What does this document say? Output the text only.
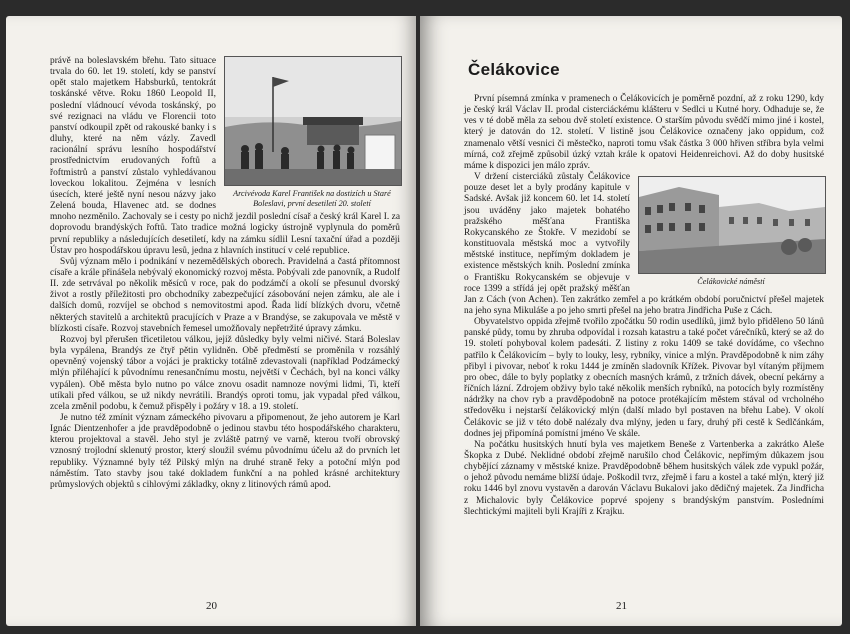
Arcivévoda Karel František na dostizích u Staré Boleslavi, první desetiletí 20. století

právě na boleslavském břehu. Tato situace trvala do 60. let 19. století, kdy se panství opět stalo majetkem Habsburků, tentokrát toskánské větve. Roku 1860 Leopold II, poslední vládnoucí vévoda toskánský, po své rezignaci na vládu ve Florencii toto panství odkoupil zpět od rakouské banky i s dluhy, které na něm vázly. Zavedl racionální správu lesního hospodářství prostřednictvím erudovaných řoftů a řoftmistrů a panství zůstalo vyhledávanou loveckou lokalitou. Zejména v lesních úsecích, které ještě nyní nesou názvy jako Zelená bouda, Hlavenec atd. se dodnes mnoho nezměnilo. Zachovaly se i cesty po nichž jezdil poslední císař a český král Karel I. za doprovodu brandýských řoftů. Tato tradice možná logicky ústrojně vyplynula do poměrů první republiky a následujících desetiletí, kdy na zámku sídlil Lesní taxační úřad a později Ústav pro hospodářskou úpravu lesů, jedna z hlavních institucí v celé republice.

Svůj význam mělo i podnikání v nezemědělských oborech. Pravidelná a častá přítomnost císaře a krále přinášela nebývalý ekonomický rozvoj města. Pobývali zde panovník, a Rudolf II. zde setrvával po několik měsíců v roce, pak do podzámčí a okolí se přesunul dvorský život a rostly příležitosti pro obchodníky zabezpečující zásobování nejen zámku, ale ale i dalších domů, rozvíjel se obchod s nemovitostmi apod. Řada lidí blízkých dvoru, včetně některých stavitelů a architektů pracujících v Praze a v Brandýse, se zakupovala ve městě v blízkosti císaře. Rozvoj stavebních řemesel umožňovaly nepřetržité úpravy zámku.

Rozvoj byl přerušen třicetiletou válkou, jejíž důsledky byly velmi ničivé. Stará Boleslav byla vypálena, Brandýs ze čtyř pětin vylidněn. Obě předměstí se proměnila v rozsáhlý opevněný vojenský tábor a vojáci je prakticky totálně zdevastovali (například Podzámecký mlýn přiléhající k původnímu renesančnímu mostu, největší v Čechách, byl na konci války vypálen). Obě města bylo nutno po válce znovu osadit namnoze novými lidmi, Ti, kteří utíkali před válkou, se už nikdy nevrátili. Brandýs oproti tomu, jak vypadal před válkou, zcela změnil podobu, k čemuž přispěly i požáry v 18. a 19. století.

Je nutno též zmínit význam zámeckého pivovaru a připomenout, že jeho autorem je Karl Ignác Dientzenhofer a jde pravděpodobně o jedinou stavbu této hospodářského charakteru, kterou projektoval a stavěl. Jeho styl je zvláště patrný ve varně, kterou tvoří obrovský vznosný trojlodní sklenutý prostor, který sloužil svému původnímu účelu až do prvních let republiky. Významné byly též Pilský mlýn na druhé straně řeky a potoční mlýn pod náměstím. Tato stavby jsou také dokladem funkční a na pohled krásné architektury průmyslových objektů s cihlovými základky, okny z litinových rámů apod.

20
Čelákovice

První písemná zmínka v pramenech o Čelákovicích je poměrně pozdní, až z roku 1290, kdy je český král Václav II. prodal cisterciáckému klášteru v Sedlci u Kutné hory. Odhaduje se, že ves v té době měla za sebou dvě století existence. O starším původu svědčí mimo jiné i kostel, který je datován do 12. století. V listině jsou Čelákovice označeny jako oppidum, což znamenalo větší vesnici či městečko, naproti tomu však částka 3 000 hřiven stříbra byla velmi mírná, což zřejmě způsobil úzký vztah krále k opatovi Heidenreichovi. Až do doby husitské máme k dispozici jen málo zpráv.

Čelákovické náměstí

V držení cisterciáků zůstaly Čelákovice pouze deset let a byly prodány kapitule v Sadské. Avšak již koncem 60. let 14. století jsou uváděny jako majetek bohatého pražského měšťana Františka Rokycanského ze Štokře. V mezidobí se konstituovala městská moc a vytvořily městské instituce, nepřímým dokladem je existence městských knih. Poslední zmínka o Františku Rokycanském se objevuje v roce 1399 a střídá jej opět pražský měšťan Jan z Cách (von Achen). Ten zakrátko zemřel a po krátkém období poručnictví přešel majetek na jeho syna Mikuláše a po jeho smrti přešel na jeho bratra Jindřicha Puše z Cách.

Obyvatelstvo oppida zřejmě tvořilo zpočátku 50 rodin usedlíků, jimž bylo přiděleno 50 lánů panské půdy, tomu by zhruba odpovídal i rozsah katastru a také počet várečníků, který se až do 19. století pohyboval kolem padesáti. Z listiny z roku 1409 se také dovídáme, co všechno patřilo k Čelákovicím – byly to louky, lesy, rybníky, vinice a mlýn. Pravděpodobně k nim záhy přibyl i pivovar, neboť k roku 1444 je zmíněn sladovník Křížek. Pivovar byl vítaným příjmem pro obec, dále to byly poplatky z obecních masných krámů, z tržních dávek, obecní pekárny a říčních lázní. Zdrojem obživy bylo také několik menších rybníků, na potocích byly rozmístěny nádržky na chov ryb a pravděpodobně na potoce protékajícím městem stával od vrcholného středověku i nejstarší čelákovický mlýn (další mlado byl postaven na břehu Labe). V okolí Čelákovic se již v této době nalézaly dva mlýny, jeden u fary, druhý při cestě k Sedlčánkám, dodnes jej připomíná pomístní jméno Ve skále.

Na počátku husitských hnutí byla ves majetkem Beneše z Vartenberka a zakrátko Aleše Škopka z Dubé. Neklidné období zřejmě narušilo chod Čelákovic, nepřímým důkazem jsou chybějící záznamy v městské knize. Pravděpodobně během husitských válek zde vypukl požár, o jehož původu nemáme bližší údaje. Poškodil tvrz, zřejmě i faru a kostel a také mlýn, který již roku 1446 byl znovu vystavěn a darován Václavu Bukalovi jako dědičný majetek. Za Jindřicha z Michalovic byly Čelákovice poprvé spojeny s brandýským panstvím. Posledními šlechtickými majiteli byli Krajíři z Krajku.

21
